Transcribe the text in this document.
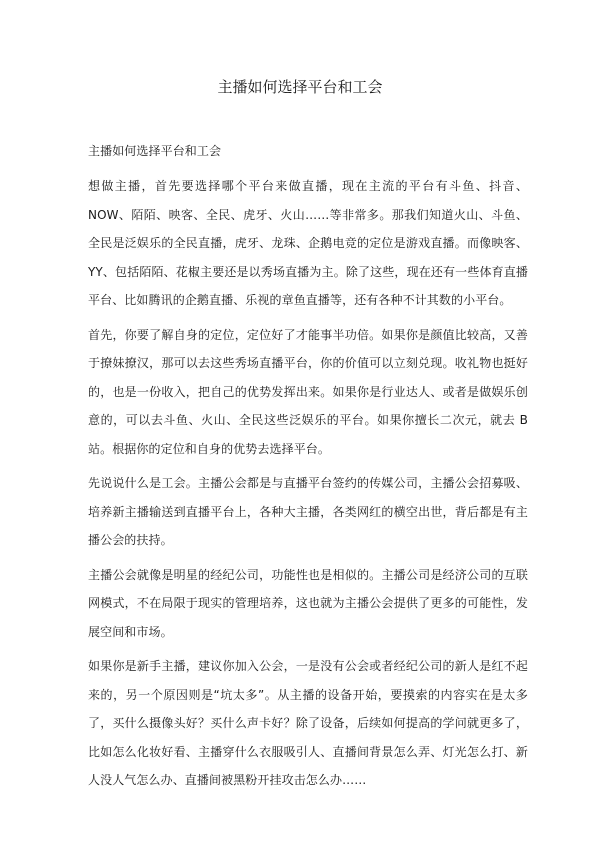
主播如何选择平台和工会

主播如何选择平台和工会

想做主播，首先要选择哪个平台来做直播，现在主流的平台有斗鱼、抖音、NOW、陌陌、映客、全民、虎牙、火山……等非常多。那我们知道火山、斗鱼、全民是泛娱乐的全民直播，虎牙、龙珠、企鹅电竞的定位是游戏直播。而像映客、YY、包括陌陌、花椒主要还是以秀场直播为主。除了这些，现在还有一些体育直播平台、比如腾讯的企鹅直播、乐视的章鱼直播等，还有各种不计其数的小平台。

首先，你要了解自身的定位，定位好了才能事半功倍。如果你是颜值比较高，又善于撩妹撩汉，那可以去这些秀场直播平台，你的价值可以立刻兑现。收礼物也挺好的，也是一份收入，把自己的优势发挥出来。如果你是行业达人、或者是做娱乐创意的，可以去斗鱼、火山、全民这些泛娱乐的平台。如果你擅长二次元，就去 B 站。根据你的定位和自身的优势去选择平台。

先说说什么是工会。主播公会都是与直播平台签约的传媒公司，主播公会招募吸、培养新主播输送到直播平台上，各种大主播，各类网红的横空出世，背后都是有主播公会的扶持。

主播公会就像是明星的经纪公司，功能性也是相似的。主播公司是经济公司的互联网模式，不在局限于现实的管理培养，这也就为主播公会提供了更多的可能性，发展空间和市场。

如果你是新手主播，建议你加入公会，一是没有公会或者经纪公司的新人是红不起来的，另一个原因则是“坑太多”。从主播的设备开始，要摸索的内容实在是太多了，买什么摄像头好？买什么声卡好？除了设备，后续如何提高的学问就更多了，比如怎么化妆好看、主播穿什么衣服吸引人、直播间背景怎么弄、灯光怎么打、新人没人气怎么办、直播间被黑粉开挂攻击怎么办……
